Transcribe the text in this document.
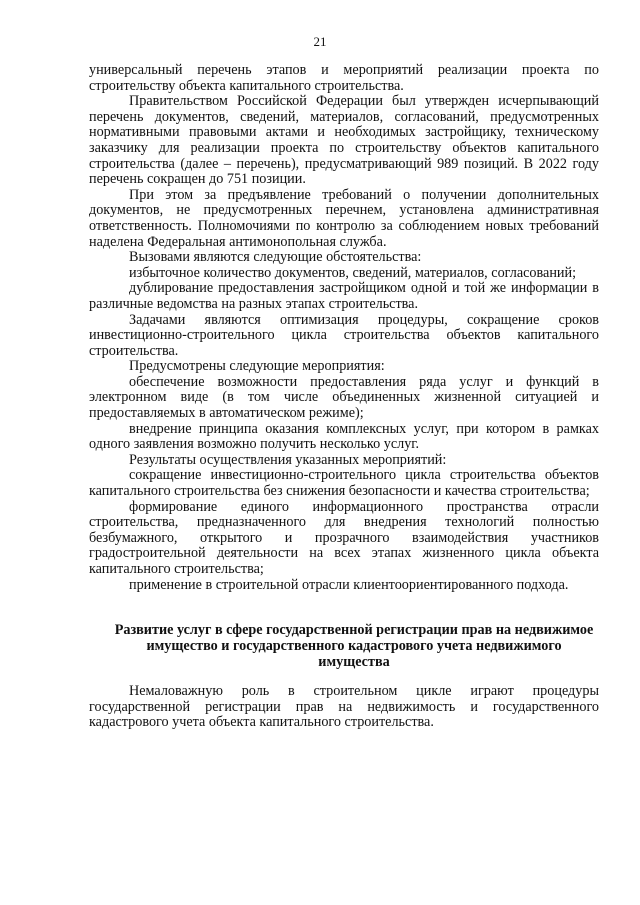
21

универсальный перечень этапов и мероприятий реализации проекта по строительству объекта капитального строительства.

Правительством Российской Федерации был утвержден исчерпывающий перечень документов, сведений, материалов, согласований, предусмотренных нормативными правовыми актами и необходимых застройщику, техническому заказчику для реализации проекта по строительству объектов капитального строительства (далее – перечень), предусматривающий 989 позиций. В 2022 году перечень сокращен до 751 позиции.

При этом за предъявление требований о получении дополнительных документов, не предусмотренных перечнем, установлена административная ответственность. Полномочиями по контролю за соблюдением новых требований наделена Федеральная антимонопольная служба.

Вызовами являются следующие обстоятельства:

избыточное количество документов, сведений, материалов, согласований;

дублирование предоставления застройщиком одной и той же информации в различные ведомства на разных этапах строительства.

Задачами являются оптимизация процедуры, сокращение сроков инвестиционно-строительного цикла строительства объектов капитального строительства.

Предусмотрены следующие мероприятия:

обеспечение возможности предоставления ряда услуг и функций в электронном виде (в том числе объединенных жизненной ситуацией и предоставляемых в автоматическом режиме);

внедрение принципа оказания комплексных услуг, при котором в рамках одного заявления возможно получить несколько услуг.

Результаты осуществления указанных мероприятий:

сокращение инвестиционно-строительного цикла строительства объектов капитального строительства без снижения безопасности и качества строительства;

формирование единого информационного пространства отрасли строительства, предназначенного для внедрения технологий полностью безбумажного, открытого и прозрачного взаимодействия участников градостроительной деятельности на всех этапах жизненного цикла объекта капитального строительства;

применение в строительной отрасли клиентоориентированного подхода.

Развитие услуг в сфере государственной регистрации прав на недвижимое имущество и государственного кадастрового учета недвижимого имущества

Немаловажную роль в строительном цикле играют процедуры государственной регистрации прав на недвижимость и государственного кадастрового учета объекта капитального строительства.
